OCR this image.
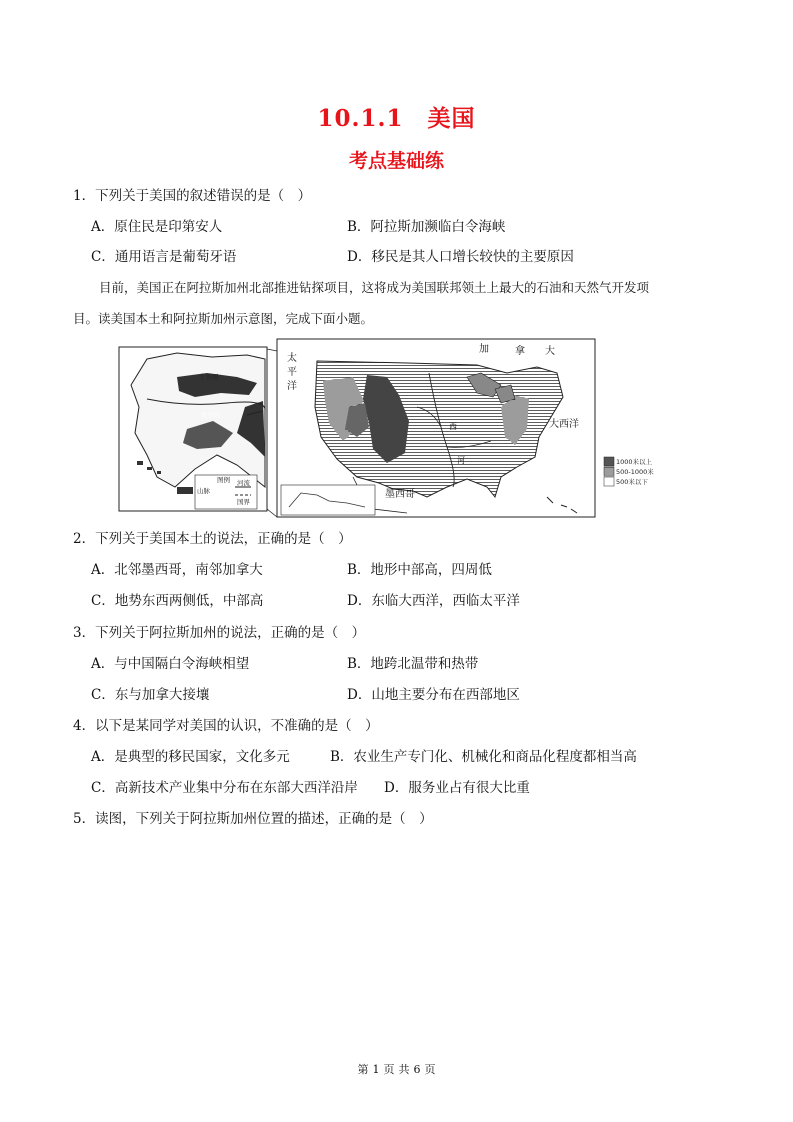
10.1.1　美国
考点基础练
1．下列关于美国的叙述错误的是（　）
A．原住民是印第安人	B．阿拉斯加濒临白令海峡
C．通用语言是葡萄牙语	D．移民是其人口增长较快的主要原因
目前，美国正在阿拉斯加州北部推进钻探项目，这将成为美国联邦领土上最大的石油和天然气开发项
目。读美国本土和阿拉斯加州示意图，完成下面小题。
北极圈
育空河
图例
山脉
河流
国界
太
平
洋
加	拿 大
大西洋
墨西哥
西
河	1000米以上
500-1000米
500米以下
2．下列关于美国本土的说法，正确的是（　）
A．北邻墨西哥，南邻加拿大	B．地形中部高，四周低
C．地势东西两侧低，中部高	D．东临大西洋，西临太平洋
3．下列关于阿拉斯加州的说法，正确的是（　）
A．与中国隔白令海峡相望	B．地跨北温带和热带
C．东与加拿大接壤	D．山地主要分布在西部地区
4．以下是某同学对美国的认识，不准确的是（　）
A．是典型的移民国家，文化多元	B．农业生产专门化、机械化和商品化程度都相当高
C．高新技术产业集中分布在东部大西洋沿岸 D．服务业占有很大比重
5．读图，下列关于阿拉斯加州位置的描述，正确的是（　）
第 1 页 共 6 页
